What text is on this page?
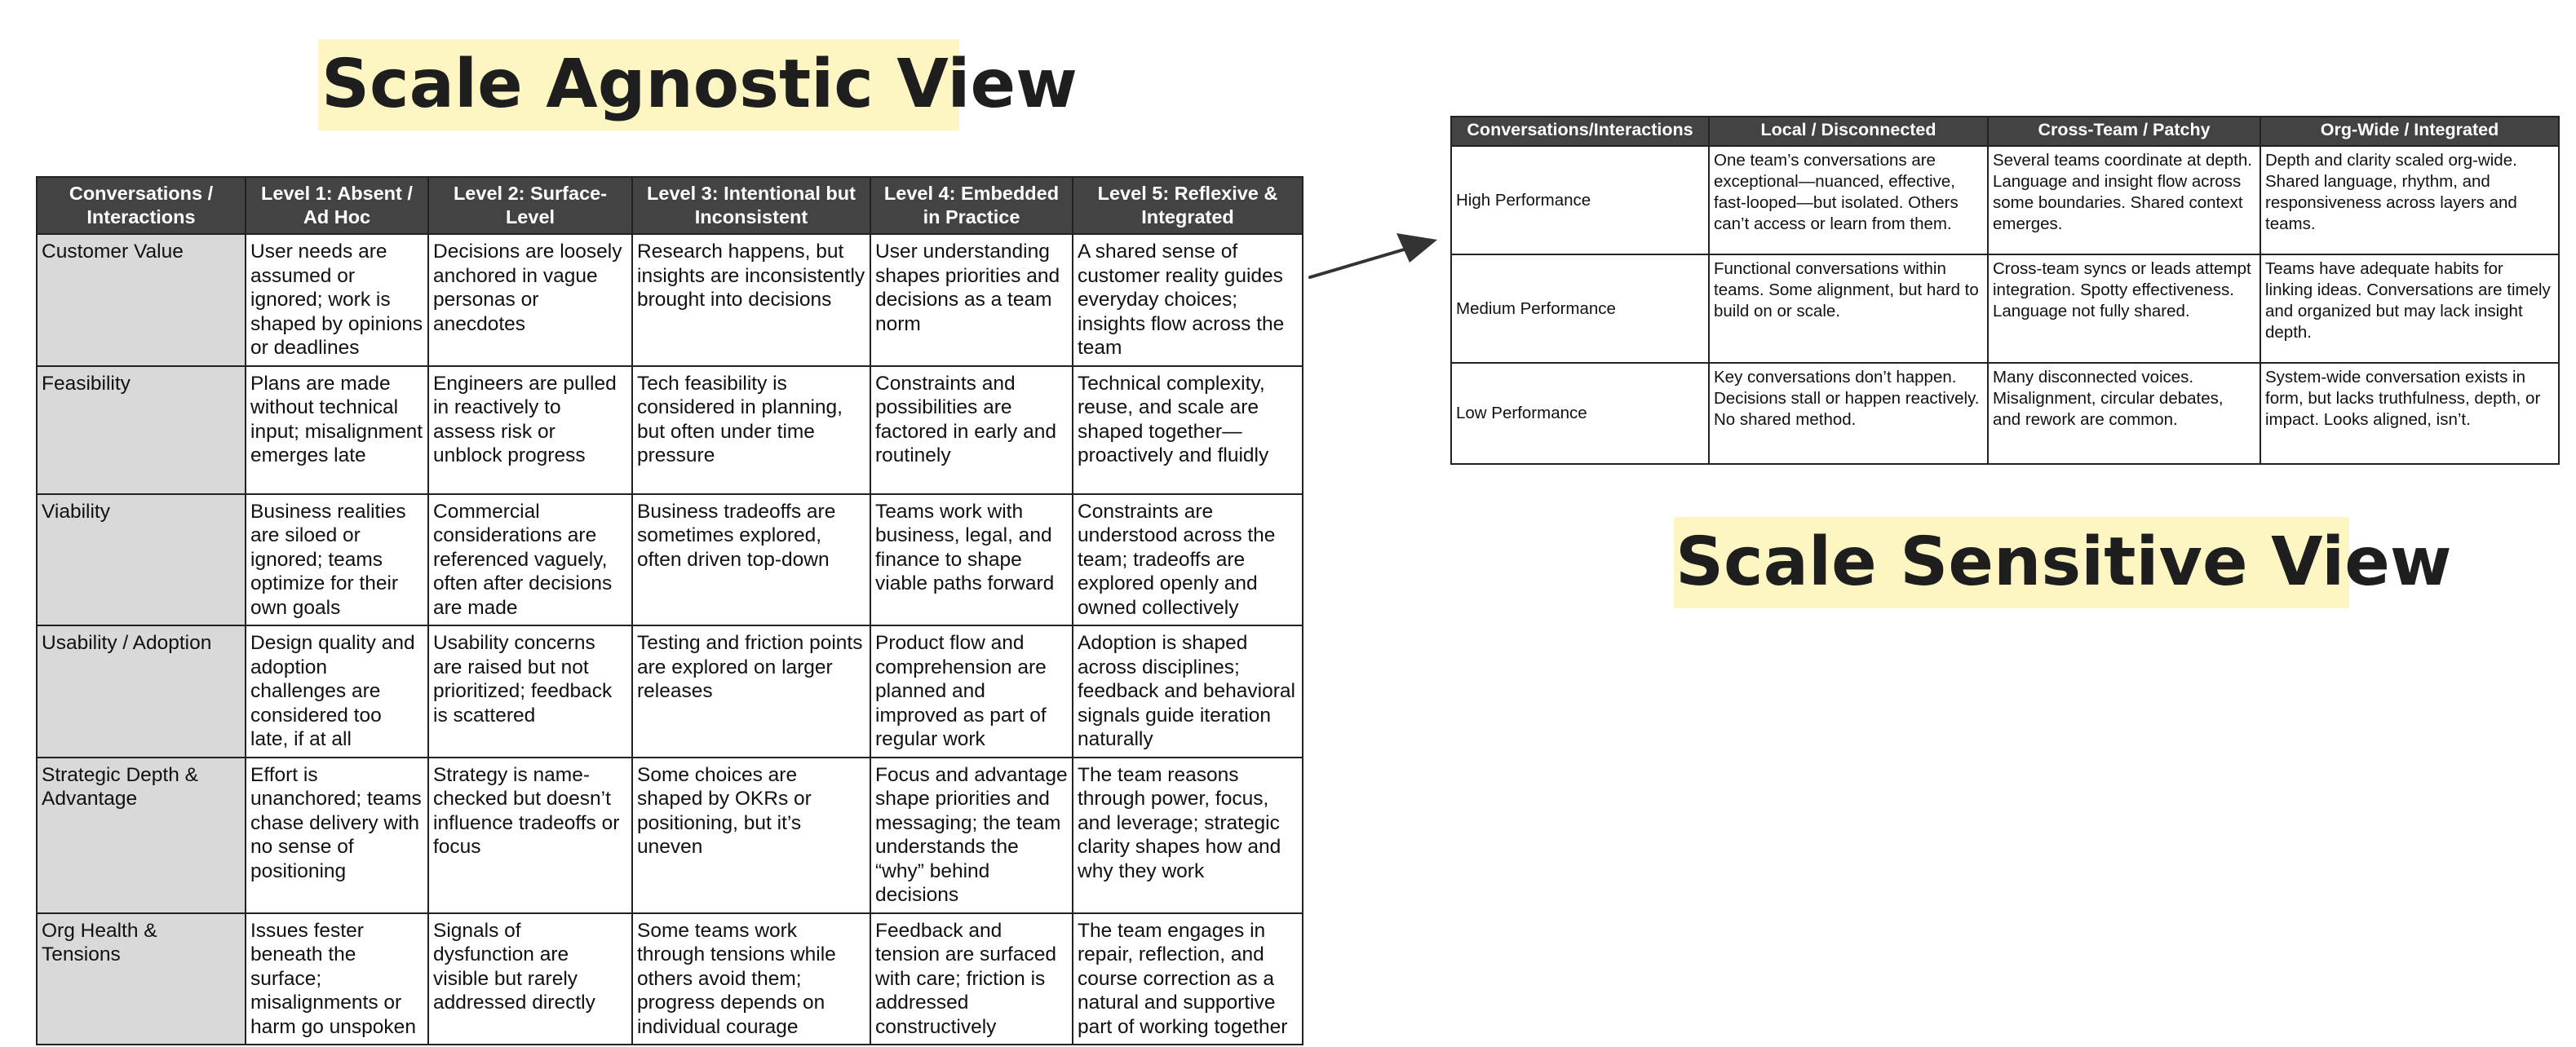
Scale Agnostic View
Scale Sensitive View
Conversations / Interactions	Level 1: Absent / Ad Hoc	Level 2: Surface-Level	Level 3: Intentional but Inconsistent	Level 4: Embedded in Practice	Level 5: Reflexive & Integrated
Customer Value	User needs are assumed or ignored; work is shaped by opinions or deadlines	Decisions are loosely anchored in vague personas or anecdotes	Research happens, but insights are inconsistently brought into decisions	User understanding shapes priorities and decisions as a team norm	A shared sense of customer reality guides everyday choices; insights flow across the team
Feasibility	Plans are made without technical input; misalignment emerges late	Engineers are pulled in reactively to assess risk or unblock progress	Tech feasibility is considered in planning, but often under time pressure	Constraints and possibilities are factored in early and routinely	Technical complexity, reuse, and scale are shaped together—proactively and fluidly
Viability	Business realities are siloed or ignored; teams optimize for their own goals	Commercial considerations are referenced vaguely, often after decisions are made	Business tradeoffs are sometimes explored, often driven top-down	Teams work with business, legal, and finance to shape viable paths forward	Constraints are understood across the team; tradeoffs are explored openly and owned collectively
Usability / Adoption	Design quality and adoption challenges are considered too late, if at all	Usability concerns are raised but not prioritized; feedback is scattered	Testing and friction points are explored on larger releases	Product flow and comprehension are planned and improved as part of regular work	Adoption is shaped across disciplines; feedback and behavioral signals guide iteration naturally
Strategic Depth & Advantage	Effort is unanchored; teams chase delivery with no sense of positioning	Strategy is name-checked but doesn’t influence tradeoffs or focus	Some choices are shaped by OKRs or positioning, but it’s uneven	Focus and advantage shape priorities and messaging; the team understands the “why” behind decisions	The team reasons through power, focus, and leverage; strategic clarity shapes how and why they work
Org Health & Tensions	Issues fester beneath the surface; misalignments or harm go unspoken	Signals of dysfunction are visible but rarely addressed directly	Some teams work through tensions while others avoid them; progress depends on individual courage	Feedback and tension are surfaced with care; friction is addressed constructively	The team engages in repair, reflection, and course correction as a natural and supportive part of working together
Conversations/Interactions	Local / Disconnected	Cross-Team / Patchy	Org-Wide / Integrated
High Performance	One team’s conversations are exceptional—nuanced, effective, fast-looped—but isolated. Others can’t access or learn from them.	Several teams coordinate at depth. Language and insight flow across some boundaries. Shared context emerges.	Depth and clarity scaled org-wide. Shared language, rhythm, and responsiveness across layers and teams.
Medium Performance	Functional conversations within teams. Some alignment, but hard to build on or scale.	Cross-team syncs or leads attempt integration. Spotty effectiveness. Language not fully shared.	Teams have adequate habits for linking ideas. Conversations are timely and organized but may lack insight depth.
Low Performance	Key conversations don’t happen. Decisions stall or happen reactively. No shared method.	Many disconnected voices. Misalignment, circular debates, and rework are common.	System-wide conversation exists in form, but lacks truthfulness, depth, or impact. Looks aligned, isn’t.
